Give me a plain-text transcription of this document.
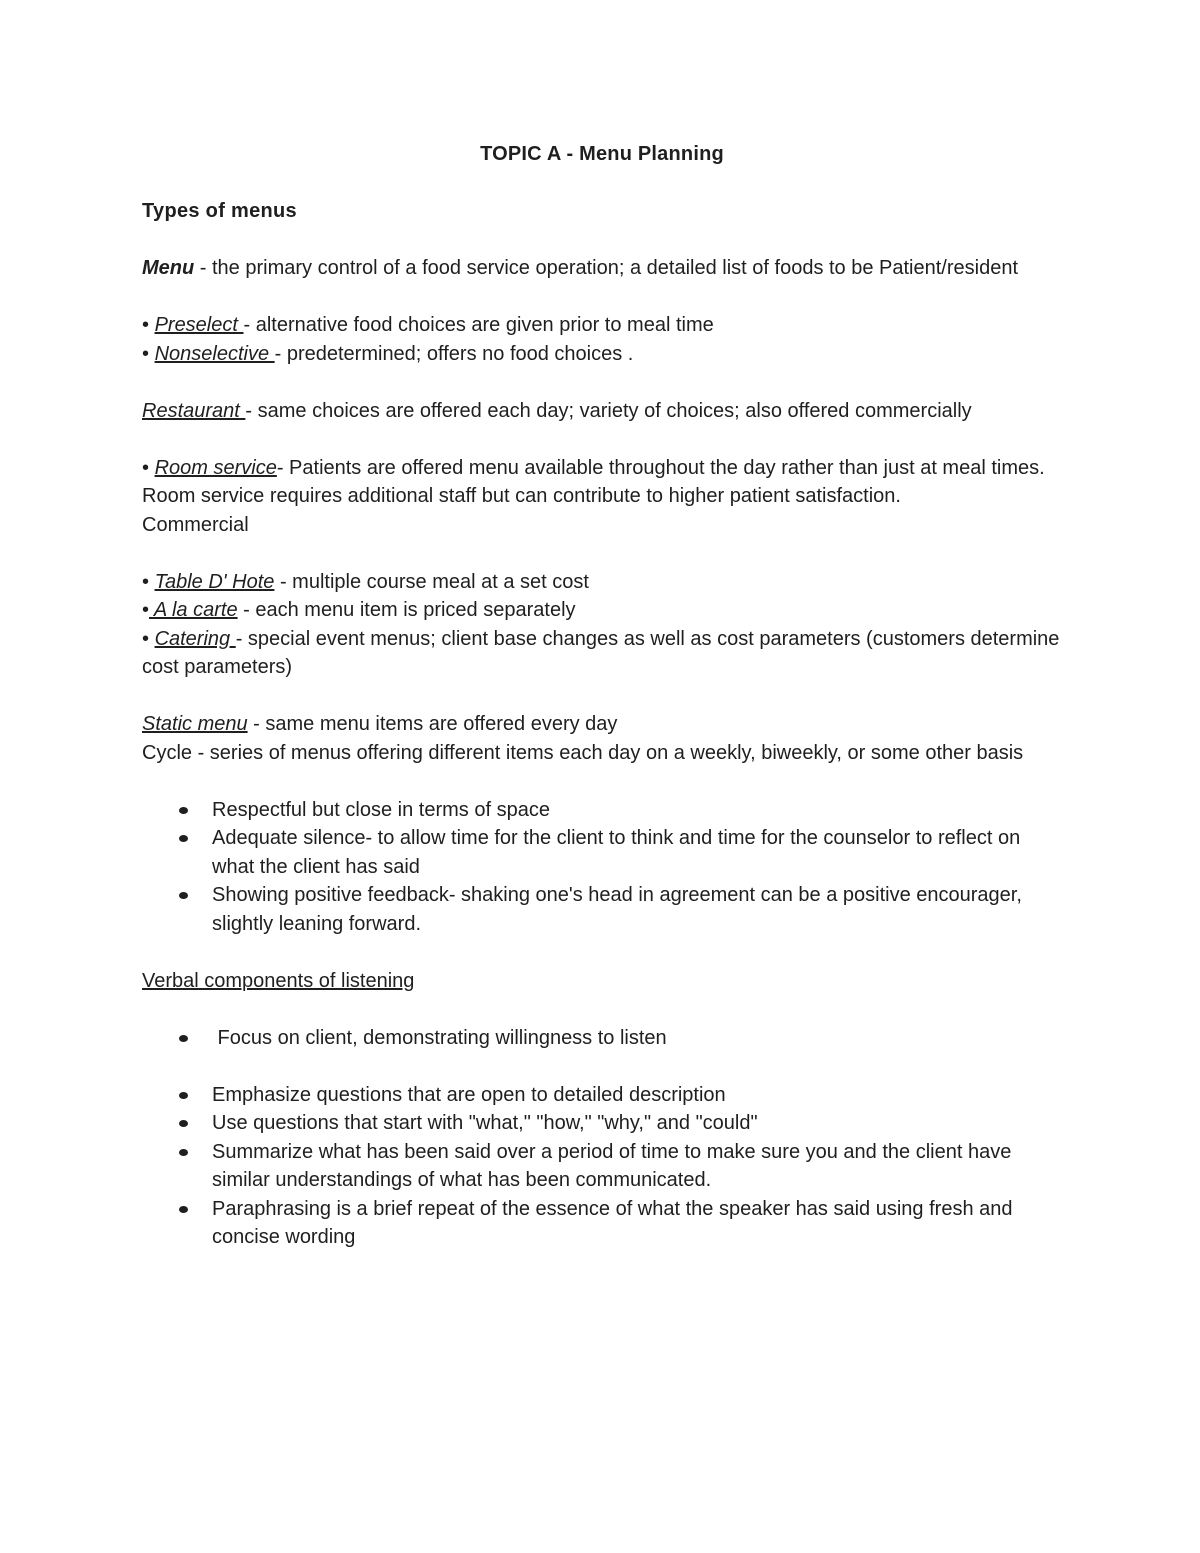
TOPIC A - Menu Planning
Types of menus
Menu - the primary control of a food service operation; a detailed list of foods to be Patient/resident
• Preselect - alternative food choices are given prior to meal time
• Nonselective - predetermined; offers no food choices .
Restaurant - same choices are offered each day; variety of choices; also offered commercially
• Room service- Patients are offered menu available throughout the day rather than just at meal times. Room service requires additional staff but can contribute to higher patient satisfaction.
Commercial
• Table D' Hote - multiple course meal at a set cost
• A la carte - each menu item is priced separately
• Catering - special event menus; client base changes as well as cost parameters (customers determine cost parameters)
Static menu - same menu items are offered every day
Cycle - series of menus offering different items each day on a weekly, biweekly, or some other basis
Respectful but close in terms of space
Adequate silence- to allow time for the client to think and time for the counselor to reflect on what the client has said
Showing positive feedback- shaking one's head in agreement can be a positive encourager, slightly leaning forward.
Verbal components of listening
Focus on client, demonstrating willingness to listen
Emphasize questions that are open to detailed description
Use questions that start with "what," "how," "why," and "could"
Summarize what has been said over a period of time to make sure you and the client have similar understandings of what has been communicated.
Paraphrasing is a brief repeat of the essence of what the speaker has said using fresh and concise wording
